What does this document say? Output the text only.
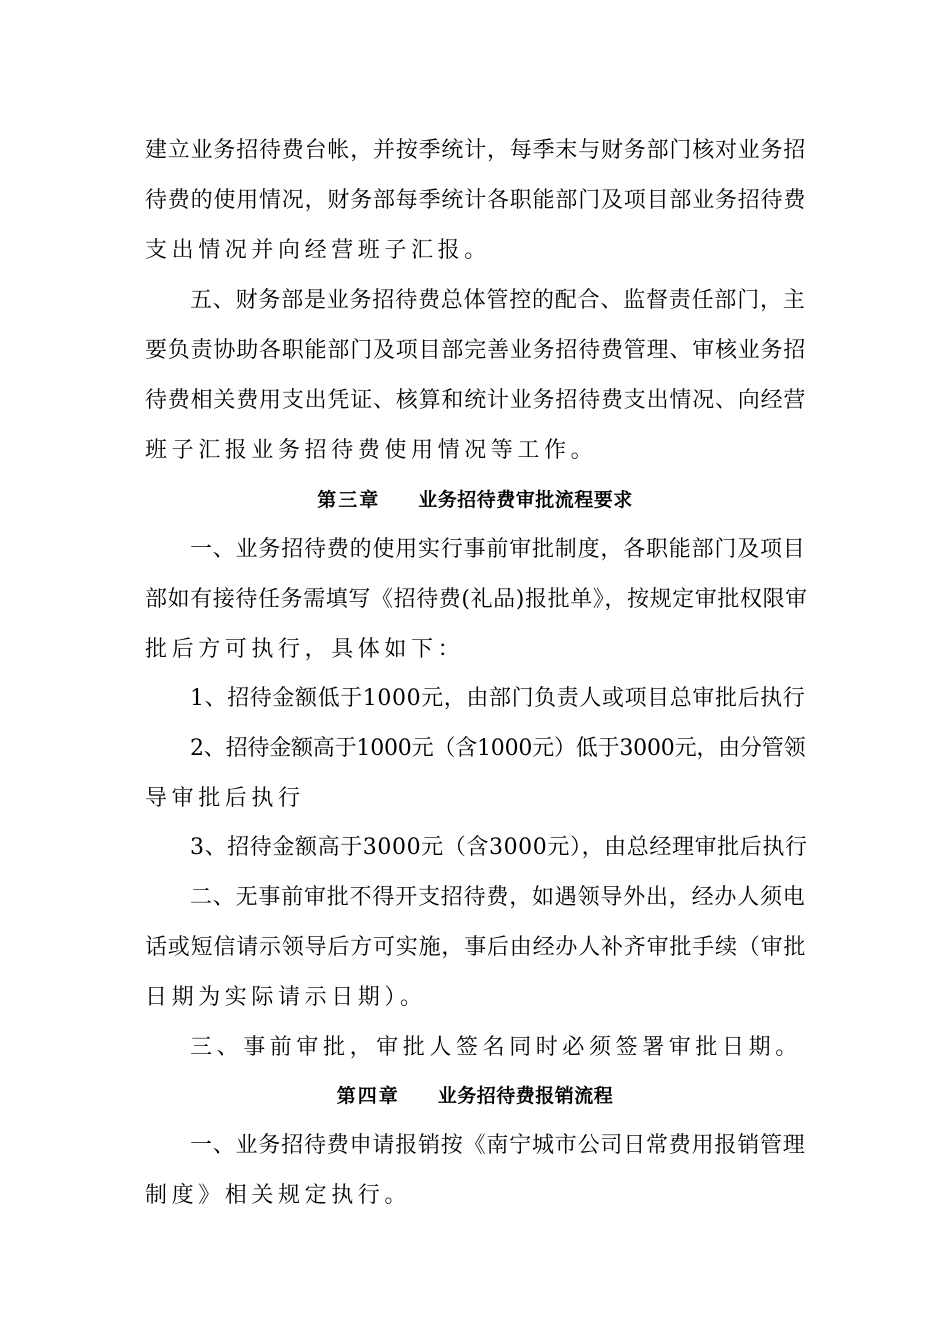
建立业务招待费台帐，并按季统计，每季末与财务部门核对业务招
待费的使用情况，财务部每季统计各职能部门及项目部业务招待费
支出情况并向经营班子汇报。
五、财务部是业务招待费总体管控的配合、监督责任部门，主
要负责协助各职能部门及项目部完善业务招待费管理、审核业务招
待费相关费用支出凭证、核算和统计业务招待费支出情况、向经营
班子汇报业务招待费使用情况等工作。
第三章 业务招待费审批流程要求
一、业务招待费的使用实行事前审批制度，各职能部门及项目
部如有接待任务需填写《招待费(礼品)报批单》，按规定审批权限审
批后方可执行，具体如下：
1、招待金额低于1000元，由部门负责人或项目总审批后执行
2、招待金额高于1000元（含1000元）低于3000元，由分管领
导审批后执行
3、招待金额高于3000元（含3000元），由总经理审批后执行
二、无事前审批不得开支招待费，如遇领导外出，经办人须电
话或短信请示领导后方可实施，事后由经办人补齐审批手续（审批
日期为实际请示日期）。
三、事前审批，审批人签名同时必须签署审批日期。
第四章 业务招待费报销流程
一、业务招待费申请报销按《南宁城市公司日常费用报销管理
制度》相关规定执行。
